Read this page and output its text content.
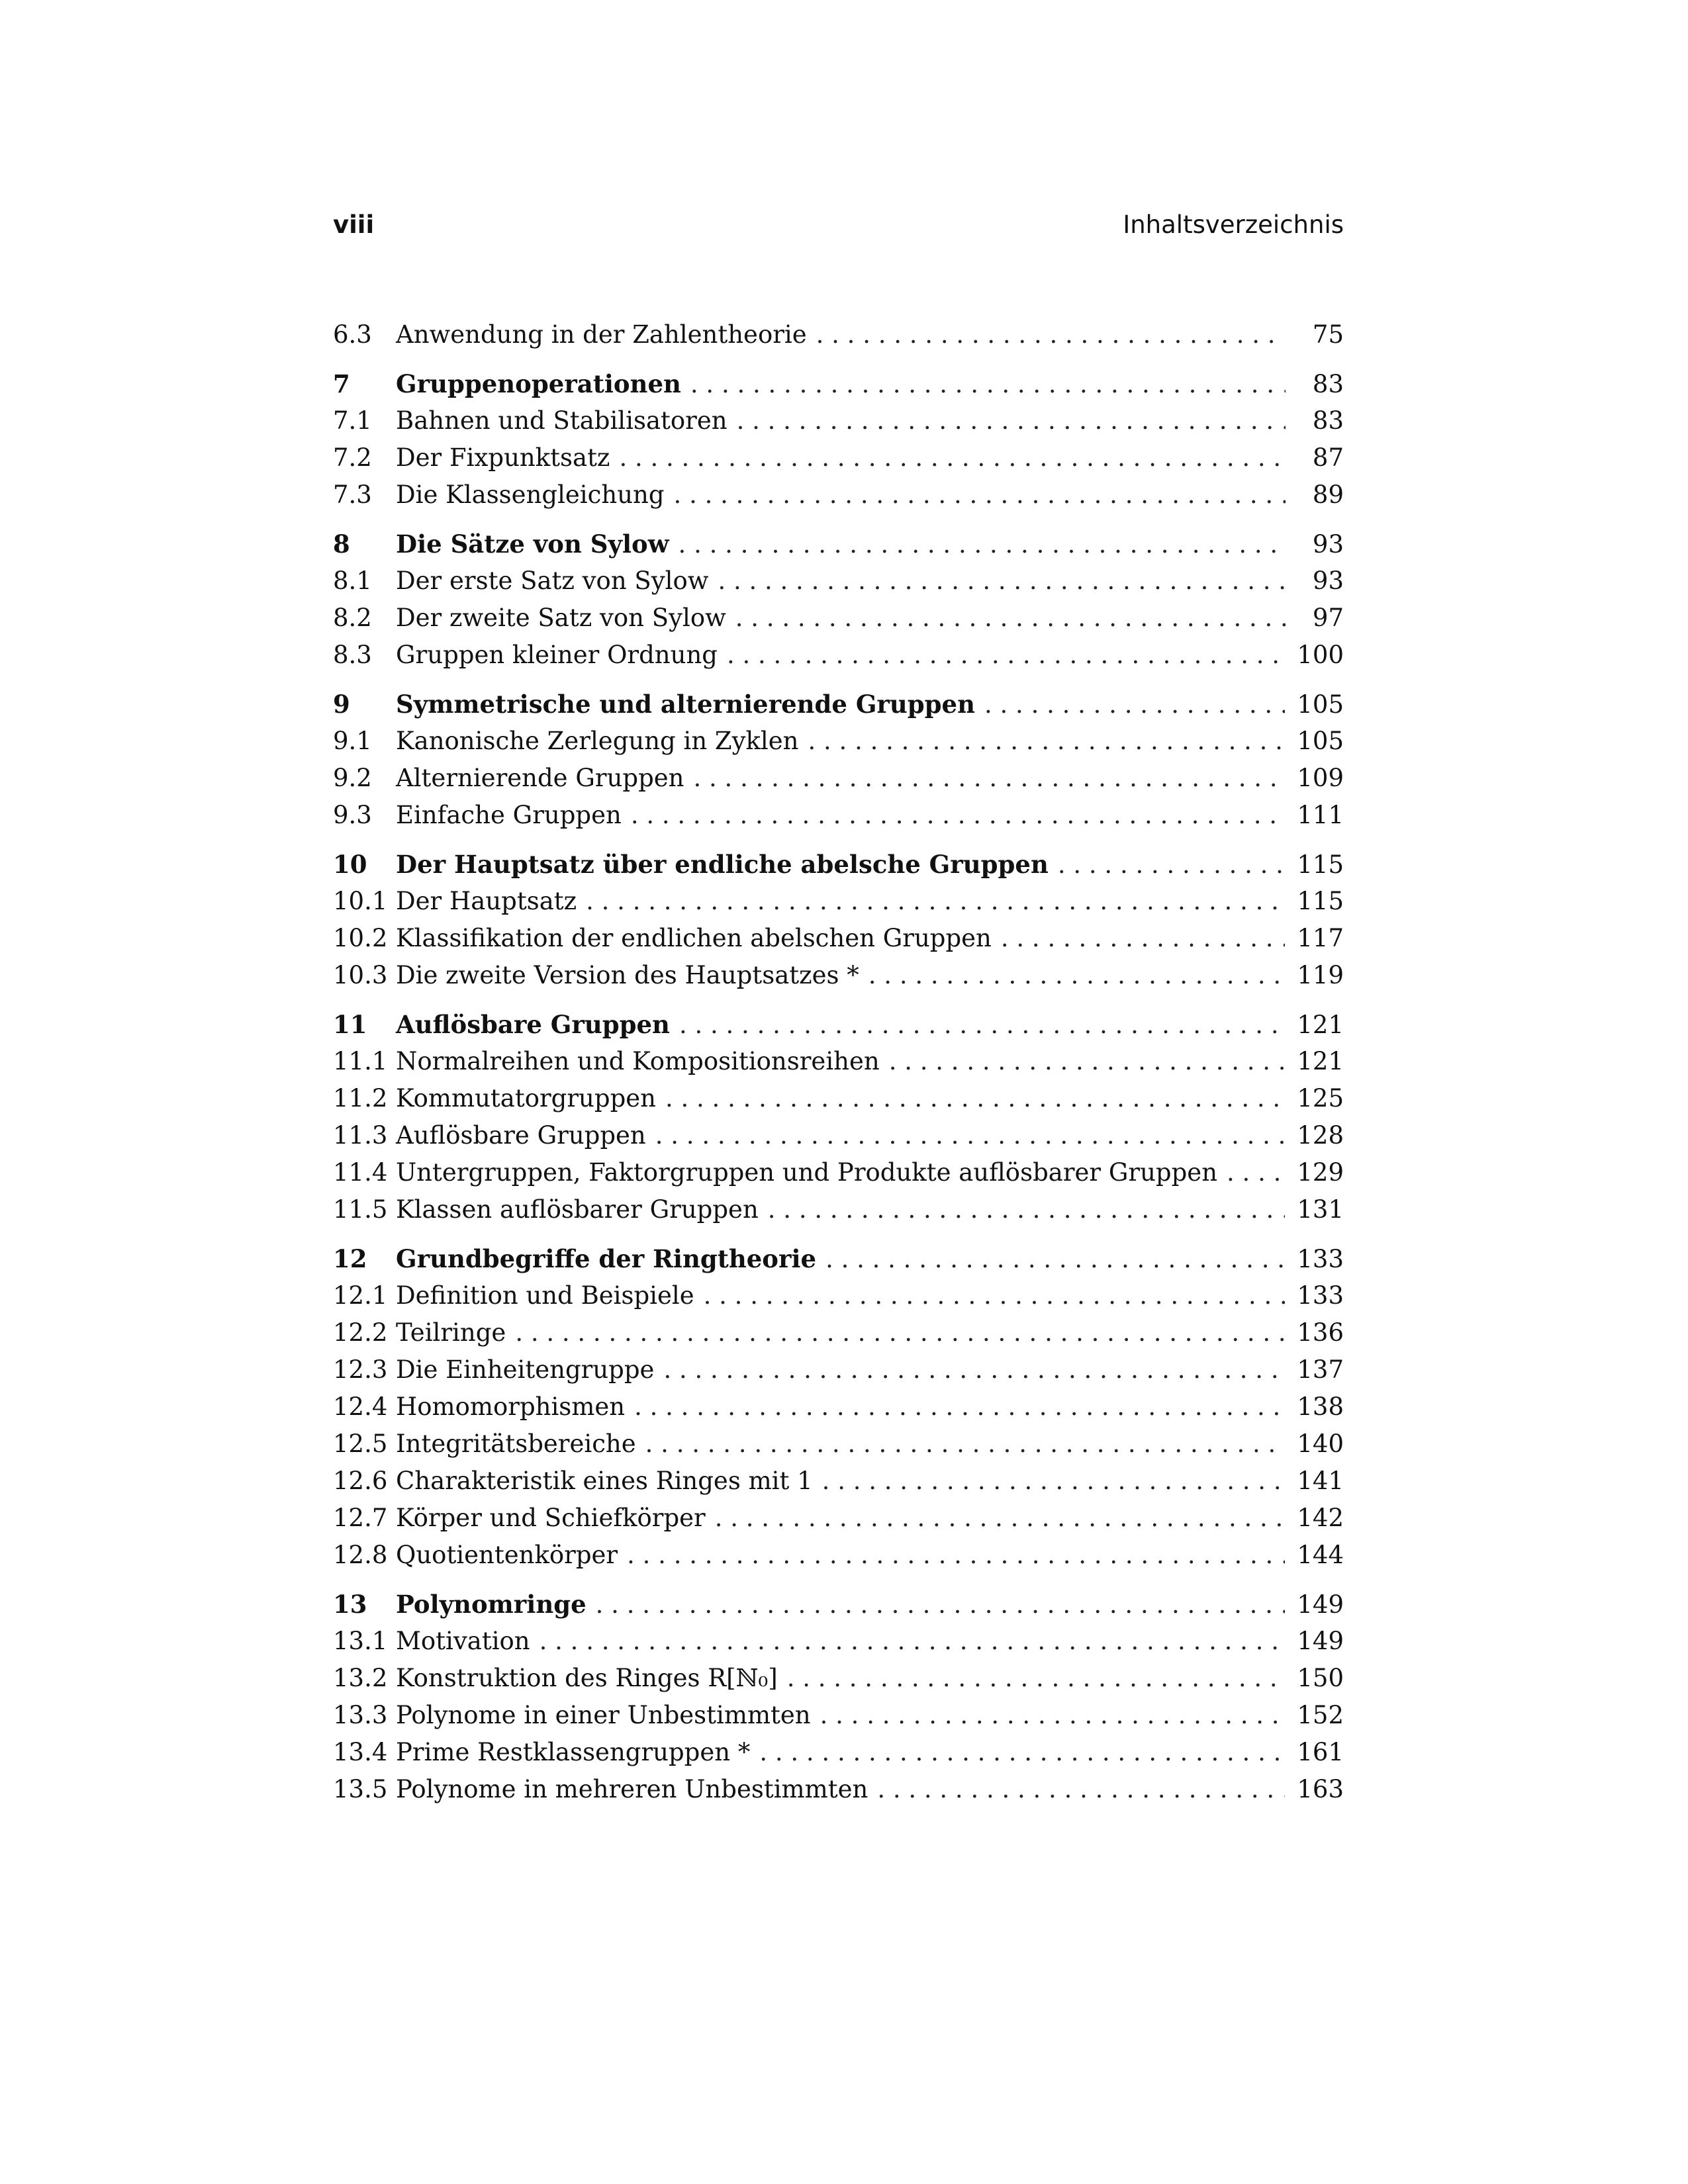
viii	Inhaltsverzeichnis
6.3 Anwendung in der Zahlentheorie . . .	75
7	Gruppenoperationen . . .	83
7.1 Bahnen und Stabilisatoren . . .	83
7.2 Der Fixpunktsatz . . .	87
7.3 Die Klassengleichung . . .	89
8	Die Sätze von Sylow . . .	93
8.1 Der erste Satz von Sylow . . .	93
8.2 Der zweite Satz von Sylow . . .	97
8.3 Gruppen kleiner Ordnung . . .	100
9	Symmetrische und alternierende Gruppen . . .	105
9.1 Kanonische Zerlegung in Zyklen . . .	105
9.2 Alternierende Gruppen . . .	109
9.3 Einfache Gruppen . . .	111
10	Der Hauptsatz über endliche abelsche Gruppen . . .	115
10.1 Der Hauptsatz . . .	115
10.2 Klassifikation der endlichen abelschen Gruppen . . .	117
10.3 Die zweite Version des Hauptsatzes * . . .	119
11	Auflösbare Gruppen . . .	121
11.1 Normalreihen und Kompositionsreihen . . .	121
11.2 Kommutatorgruppen . . .	125
11.3 Auflösbare Gruppen . . .	128
11.4 Untergruppen, Faktorgruppen und Produkte auflösbarer Gruppen . . .	129
11.5 Klassen auflösbarer Gruppen . . .	131
12	Grundbegriffe der Ringtheorie . . .	133
12.1 Definition und Beispiele . . .	133
12.2 Teilringe . . .	136
12.3 Die Einheitengruppe . . .	137
12.4 Homomorphismen . . .	138
12.5 Integritätsbereiche . . .	140
12.6 Charakteristik eines Ringes mit 1 . . .	141
12.7 Körper und Schiefkörper . . .	142
12.8 Quotientenkörper . . .	144
13	Polynomringe . . .	149
13.1 Motivation . . .	149
13.2 Konstruktion des Ringes R[ℕ₀] . . .	150
13.3 Polynome in einer Unbestimmten . . .	152
13.4 Prime Restklassengruppen * . . .	161
13.5 Polynome in mehreren Unbestimmten . . .	163
